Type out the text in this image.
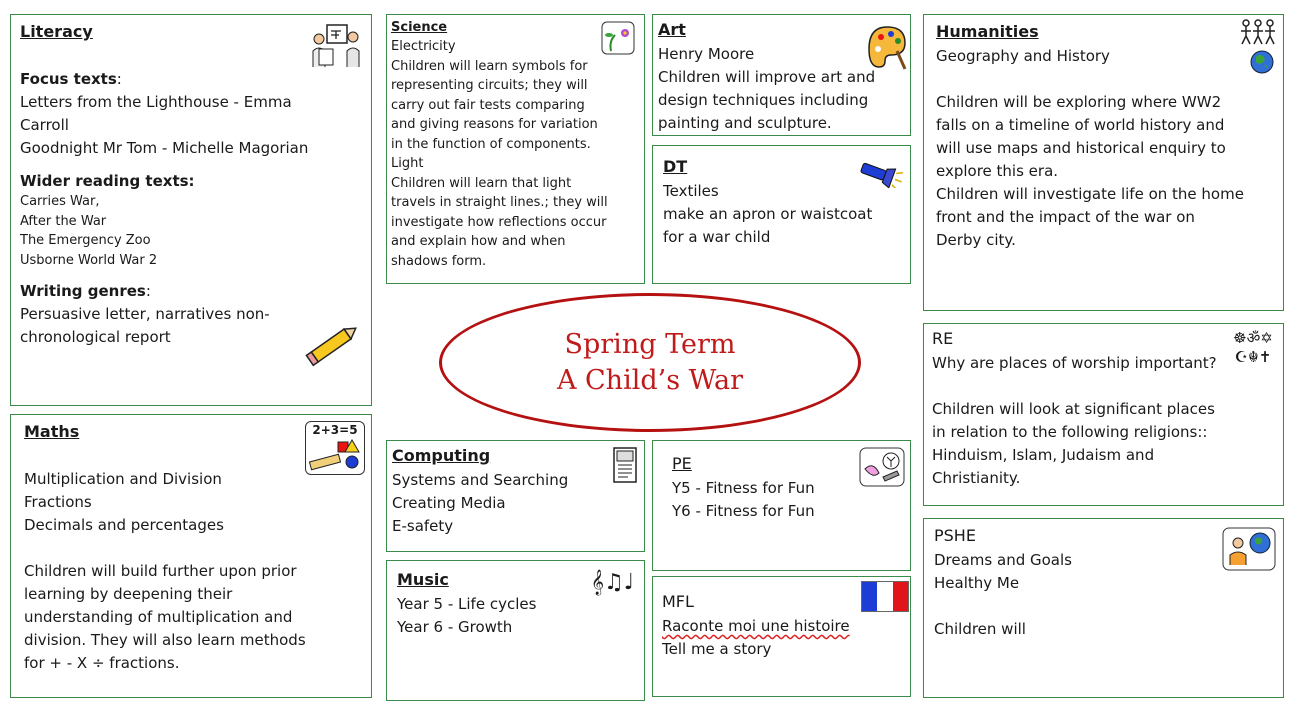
Literacy
Focus texts:
Letters from the Lighthouse - Emma
Carroll
Goodnight Mr Tom - Michelle Magorian
Wider reading texts:
Carries War,
After the War
The Emergency Zoo
Usborne World War 2
Writing genres:
Persuasive letter, narratives non-
chronological report
Maths	2+3=5
Multiplication and Division
Fractions
Decimals and percentages
Children will build further upon prior
learning by deepening their
understanding of multiplication and
division. They will also learn methods
for + - X ÷ fractions.
Science
Electricity
Children will learn symbols for
representing circuits; they will
carry out fair tests comparing
and giving reasons for variation
in the function of components.
Light
Children will learn that light
travels in straight lines.; they will
investigate how reflections occur
and explain how and when
shadows form.
Art
Henry Moore
Children will improve art and
design techniques including
painting and sculpture.
DT
Textiles
make an apron or waistcoat
for a war child
Humanities
Geography and History
Children will be exploring where WW2
falls on a timeline of world history and
will use maps and historical enquiry to
explore this era.
Children will investigate life on the home
front and the impact of the war on
Derby city.
RE	☸ॐ✡
☪☬✝
Why are places of worship important?
Children will look at significant places
in relation to the following religions::
Hinduism, Islam, Judaism and
Christianity.
PSHE
Dreams and Goals
Healthy Me
Children will
Spring Term
A Child’s War
Computing
Systems and Searching
Creating Media
E-safety
Music	𝄞♫♩
Year 5 - Life cycles
Year 6 - Growth
PE
Y5 - Fitness for Fun
Y6 - Fitness for Fun
MFL
Raconte moi une histoire
Tell me a story
